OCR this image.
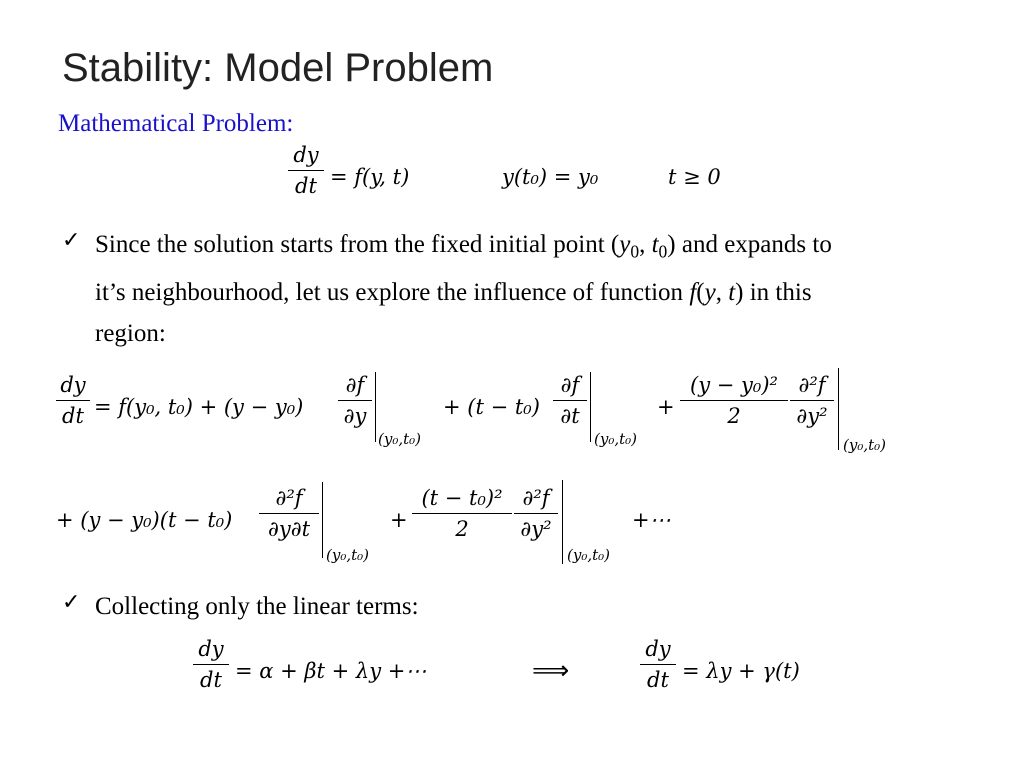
Stability: Model Problem
Mathematical Problem:
dy
dt = f(y, t)	y(t₀) = y₀	t ≥ 0
✓ Since the solution starts from the fixed initial point ($y_0$, $t_0$) and expands to
it’s neighbourhood, let us explore the influence of function f(y, t) in this
region:
dy
dt = f(y₀, t₀) + (y − y₀)
∂f
∂y
(y₀,t₀)
+ (t − t₀)
∂f
∂t
(y₀,t₀)
+
(y − y₀)²
2
∂²f
∂y²
(y₀,t₀)
+ (y − y₀)(t − t₀)
∂²f
∂y∂t
(y₀,t₀)
+
(t − t₀)²
2
∂²f
∂y²
(y₀,t₀)
+⋯
✓ Collecting only the linear terms:
dy
dt = α + βt + λy +⋯	⟹
dy
dt = λy + γ(t)
